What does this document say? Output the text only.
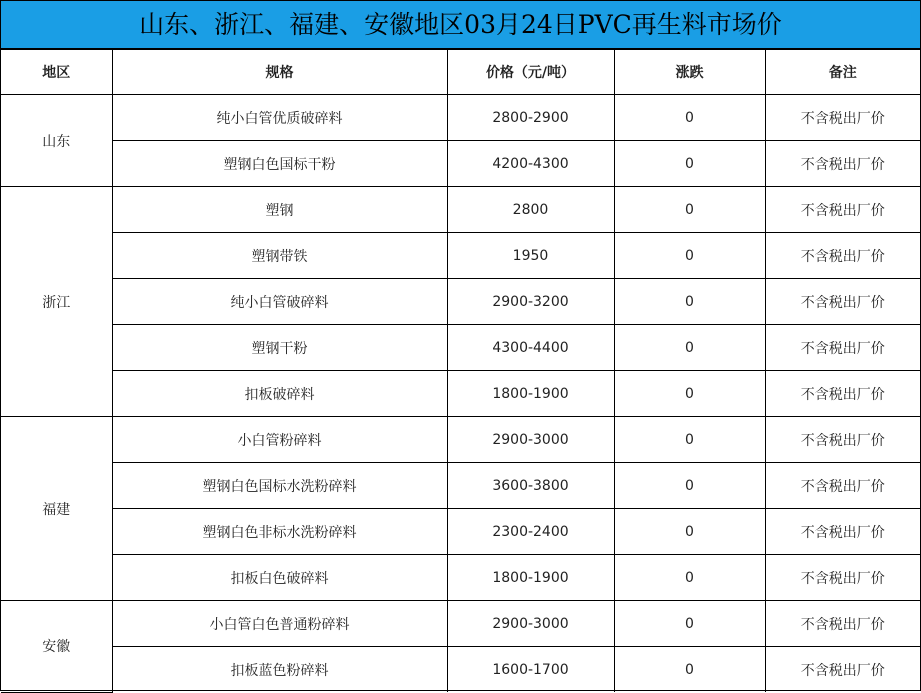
山东、浙江、福建、安徽地区03月24日PVC再生料市场价
地区	规格	价格（元/吨）	涨跌	备注
山东	纯小白管优质破碎料	2800-2900	0	不含税出厂价
	塑钢白色国标干粉	4200-4300	0	不含税出厂价
浙江	塑钢	2800	0	不含税出厂价
	塑钢带铁	1950	0	不含税出厂价
	纯小白管破碎料	2900-3200	0	不含税出厂价
	塑钢干粉	4300-4400	0	不含税出厂价
	扣板破碎料	1800-1900	0	不含税出厂价
福建	小白管粉碎料	2900-3000	0	不含税出厂价
	塑钢白色国标水洗粉碎料	3600-3800	0	不含税出厂价
	塑钢白色非标水洗粉碎料	2300-2400	0	不含税出厂价
	扣板白色破碎料	1800-1900	0	不含税出厂价
安徽	小白管白色普通粉碎料	2900-3000	0	不含税出厂价
	扣板蓝色粉碎料	1600-1700	0	不含税出厂价
